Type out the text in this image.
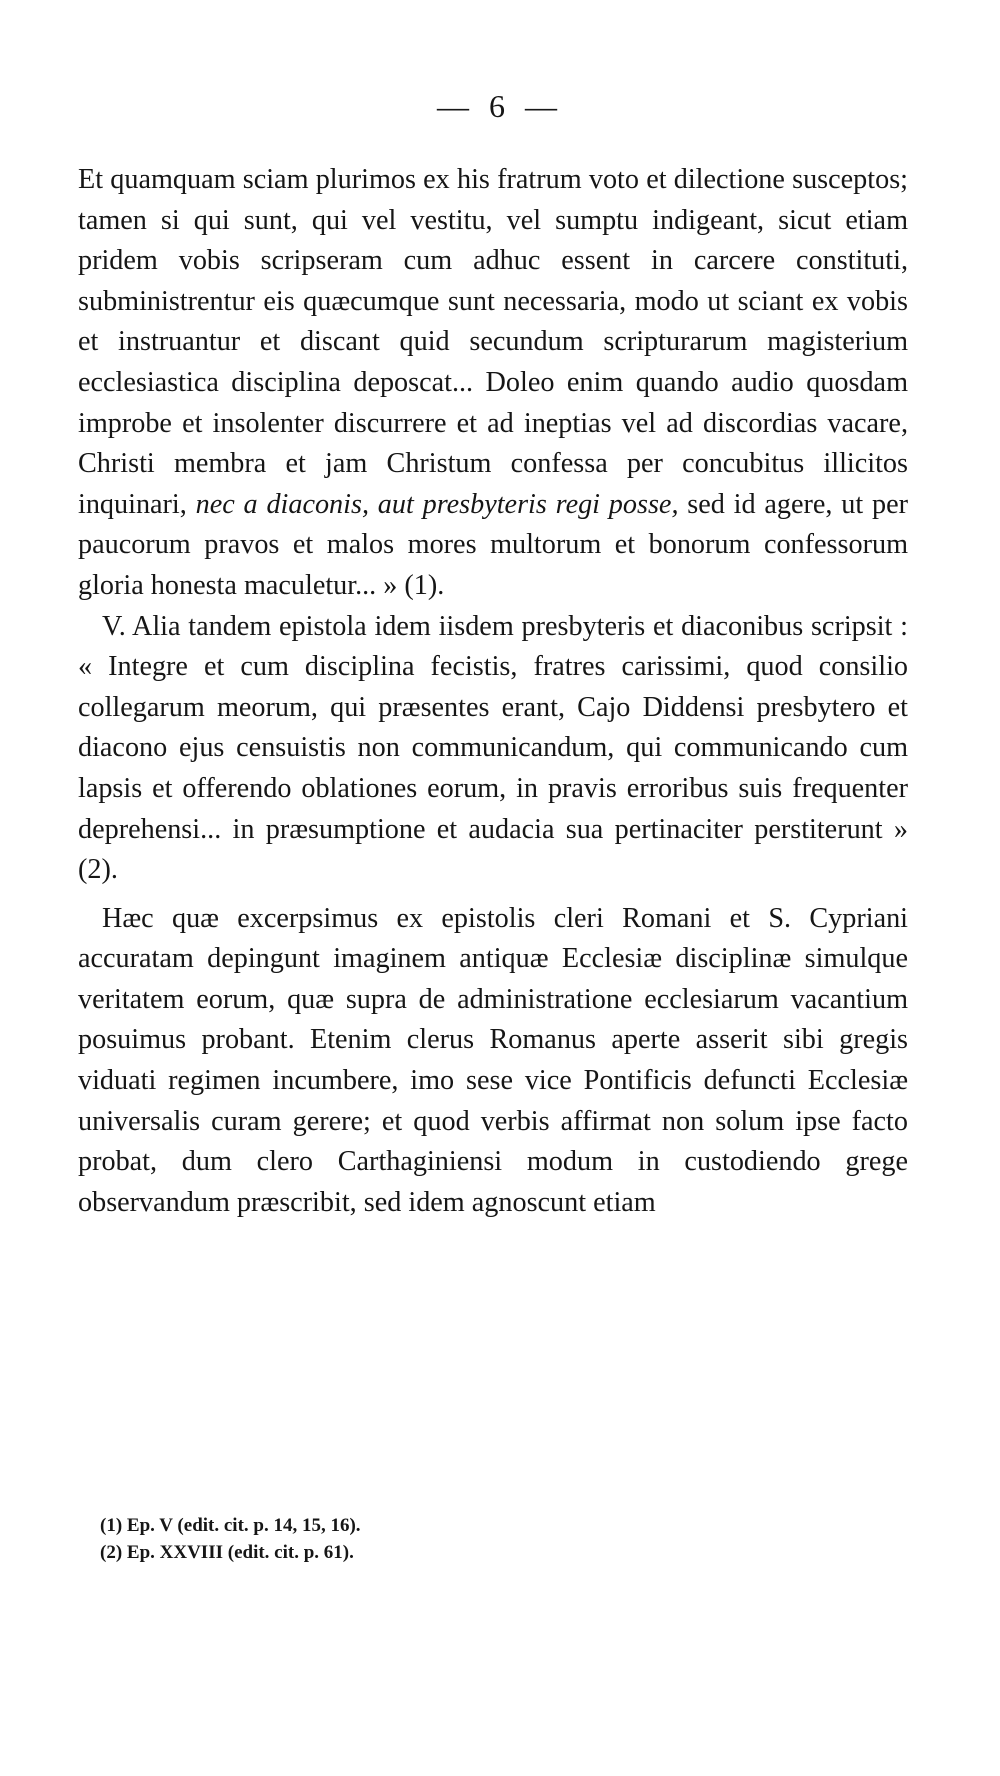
— 6 —

Et quamquam sciam plurimos ex his fratrum voto et dilectione susceptos; tamen si qui sunt, qui vel vestitu, vel sumptu indigeant, sicut etiam pridem vobis scripseram cum adhuc essent in carcere constituti, subministrentur eis quæcumque sunt necessaria, modo ut sciant ex vobis et instruantur et discant quid secundum scripturarum magisterium ecclesiastica disciplina deposcat... Doleo enim quando audio quosdam improbe et insolenter discurrere et ad ineptias vel ad discordias vacare, Christi membra et jam Christum confessa per concubitus illicitos inquinari, nec a diaconis, aut presbyteris regi posse, sed id agere, ut per paucorum pravos et malos mores multorum et bonorum confessorum gloria honesta maculetur... » (1).

V. Alia tandem epistola idem iisdem presbyteris et diaconibus scripsit : « Integre et cum disciplina fecistis, fratres carissimi, quod consilio collegarum meorum, qui præsentes erant, Cajo Diddensi presbytero et diacono ejus censuistis non communicandum, qui communicando cum lapsis et offerendo oblationes eorum, in pravis erroribus suis frequenter deprehensi... in præsumptione et audacia sua pertinaciter perstiterunt » (2).

Hæc quæ excerpsimus ex epistolis cleri Romani et S. Cypriani accuratam depingunt imaginem antiquæ Ecclesiæ disciplinæ simulque veritatem eorum, quæ supra de administratione ecclesiarum vacantium posuimus probant. Etenim clerus Romanus aperte asserit sibi gregis viduati regimen incumbere, imo sese vice Pontificis defuncti Ecclesiæ universalis curam gerere; et quod verbis affirmat non solum ipse facto probat, dum clero Carthaginiensi modum in custodiendo grege observandum præscribit, sed idem agnoscunt etiam

(1) Ep. V (edit. cit. p. 14, 15, 16).

(2) Ep. XXVIII (edit. cit. p. 61).
